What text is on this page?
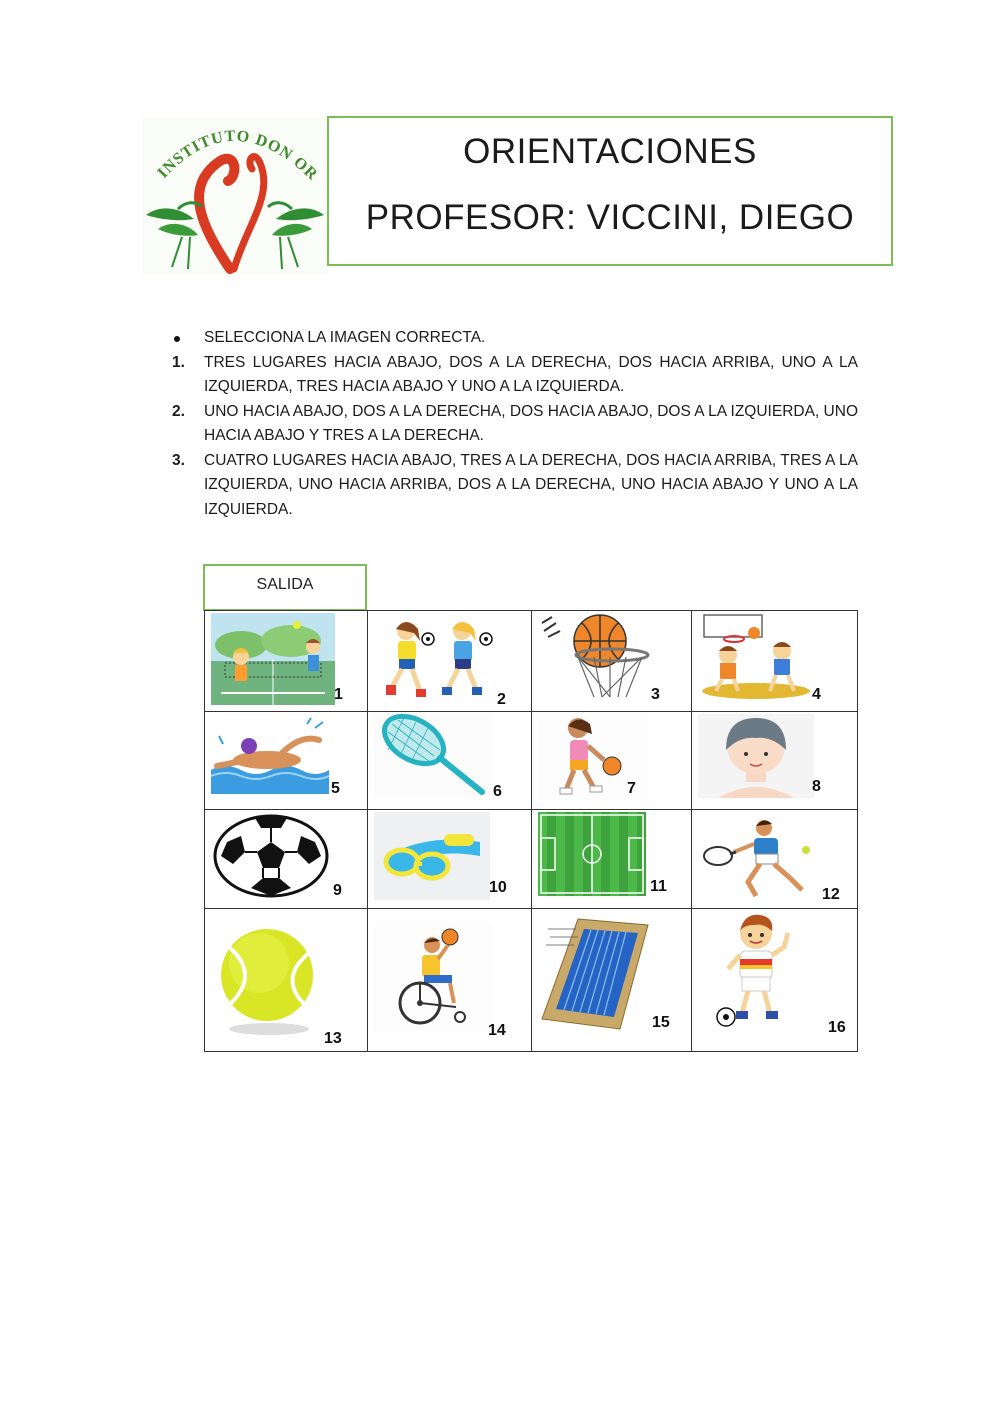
INSTITUTO DON OR
ORIENTACIONES
PROFESOR: VICCINI, DIEGO
SELECCIONA LA IMAGEN CORRECTA.
1. TRES LUGARES HACIA ABAJO, DOS A LA DERECHA, DOS HACIA ARRIBA, UNO A LA IZQUIERDA, TRES HACIA ABAJO Y UNO A LA IZQUIERDA.
2. UNO HACIA ABAJO, DOS A LA DERECHA, DOS HACIA ABAJO, DOS A LA IZQUIERDA, UNO HACIA ABAJO Y TRES A LA DERECHA.
3. CUATRO LUGARES HACIA ABAJO, TRES A LA DERECHA, DOS HACIA ARRIBA, TRES A LA IZQUIERDA, UNO HACIA ARRIBA, DOS A LA DERECHA, UNO HACIA ABAJO Y UNO A LA IZQUIERDA.
SALIDA
1	2	3	4

5	6	7	8

9	10	11	12

13	14	15	16
